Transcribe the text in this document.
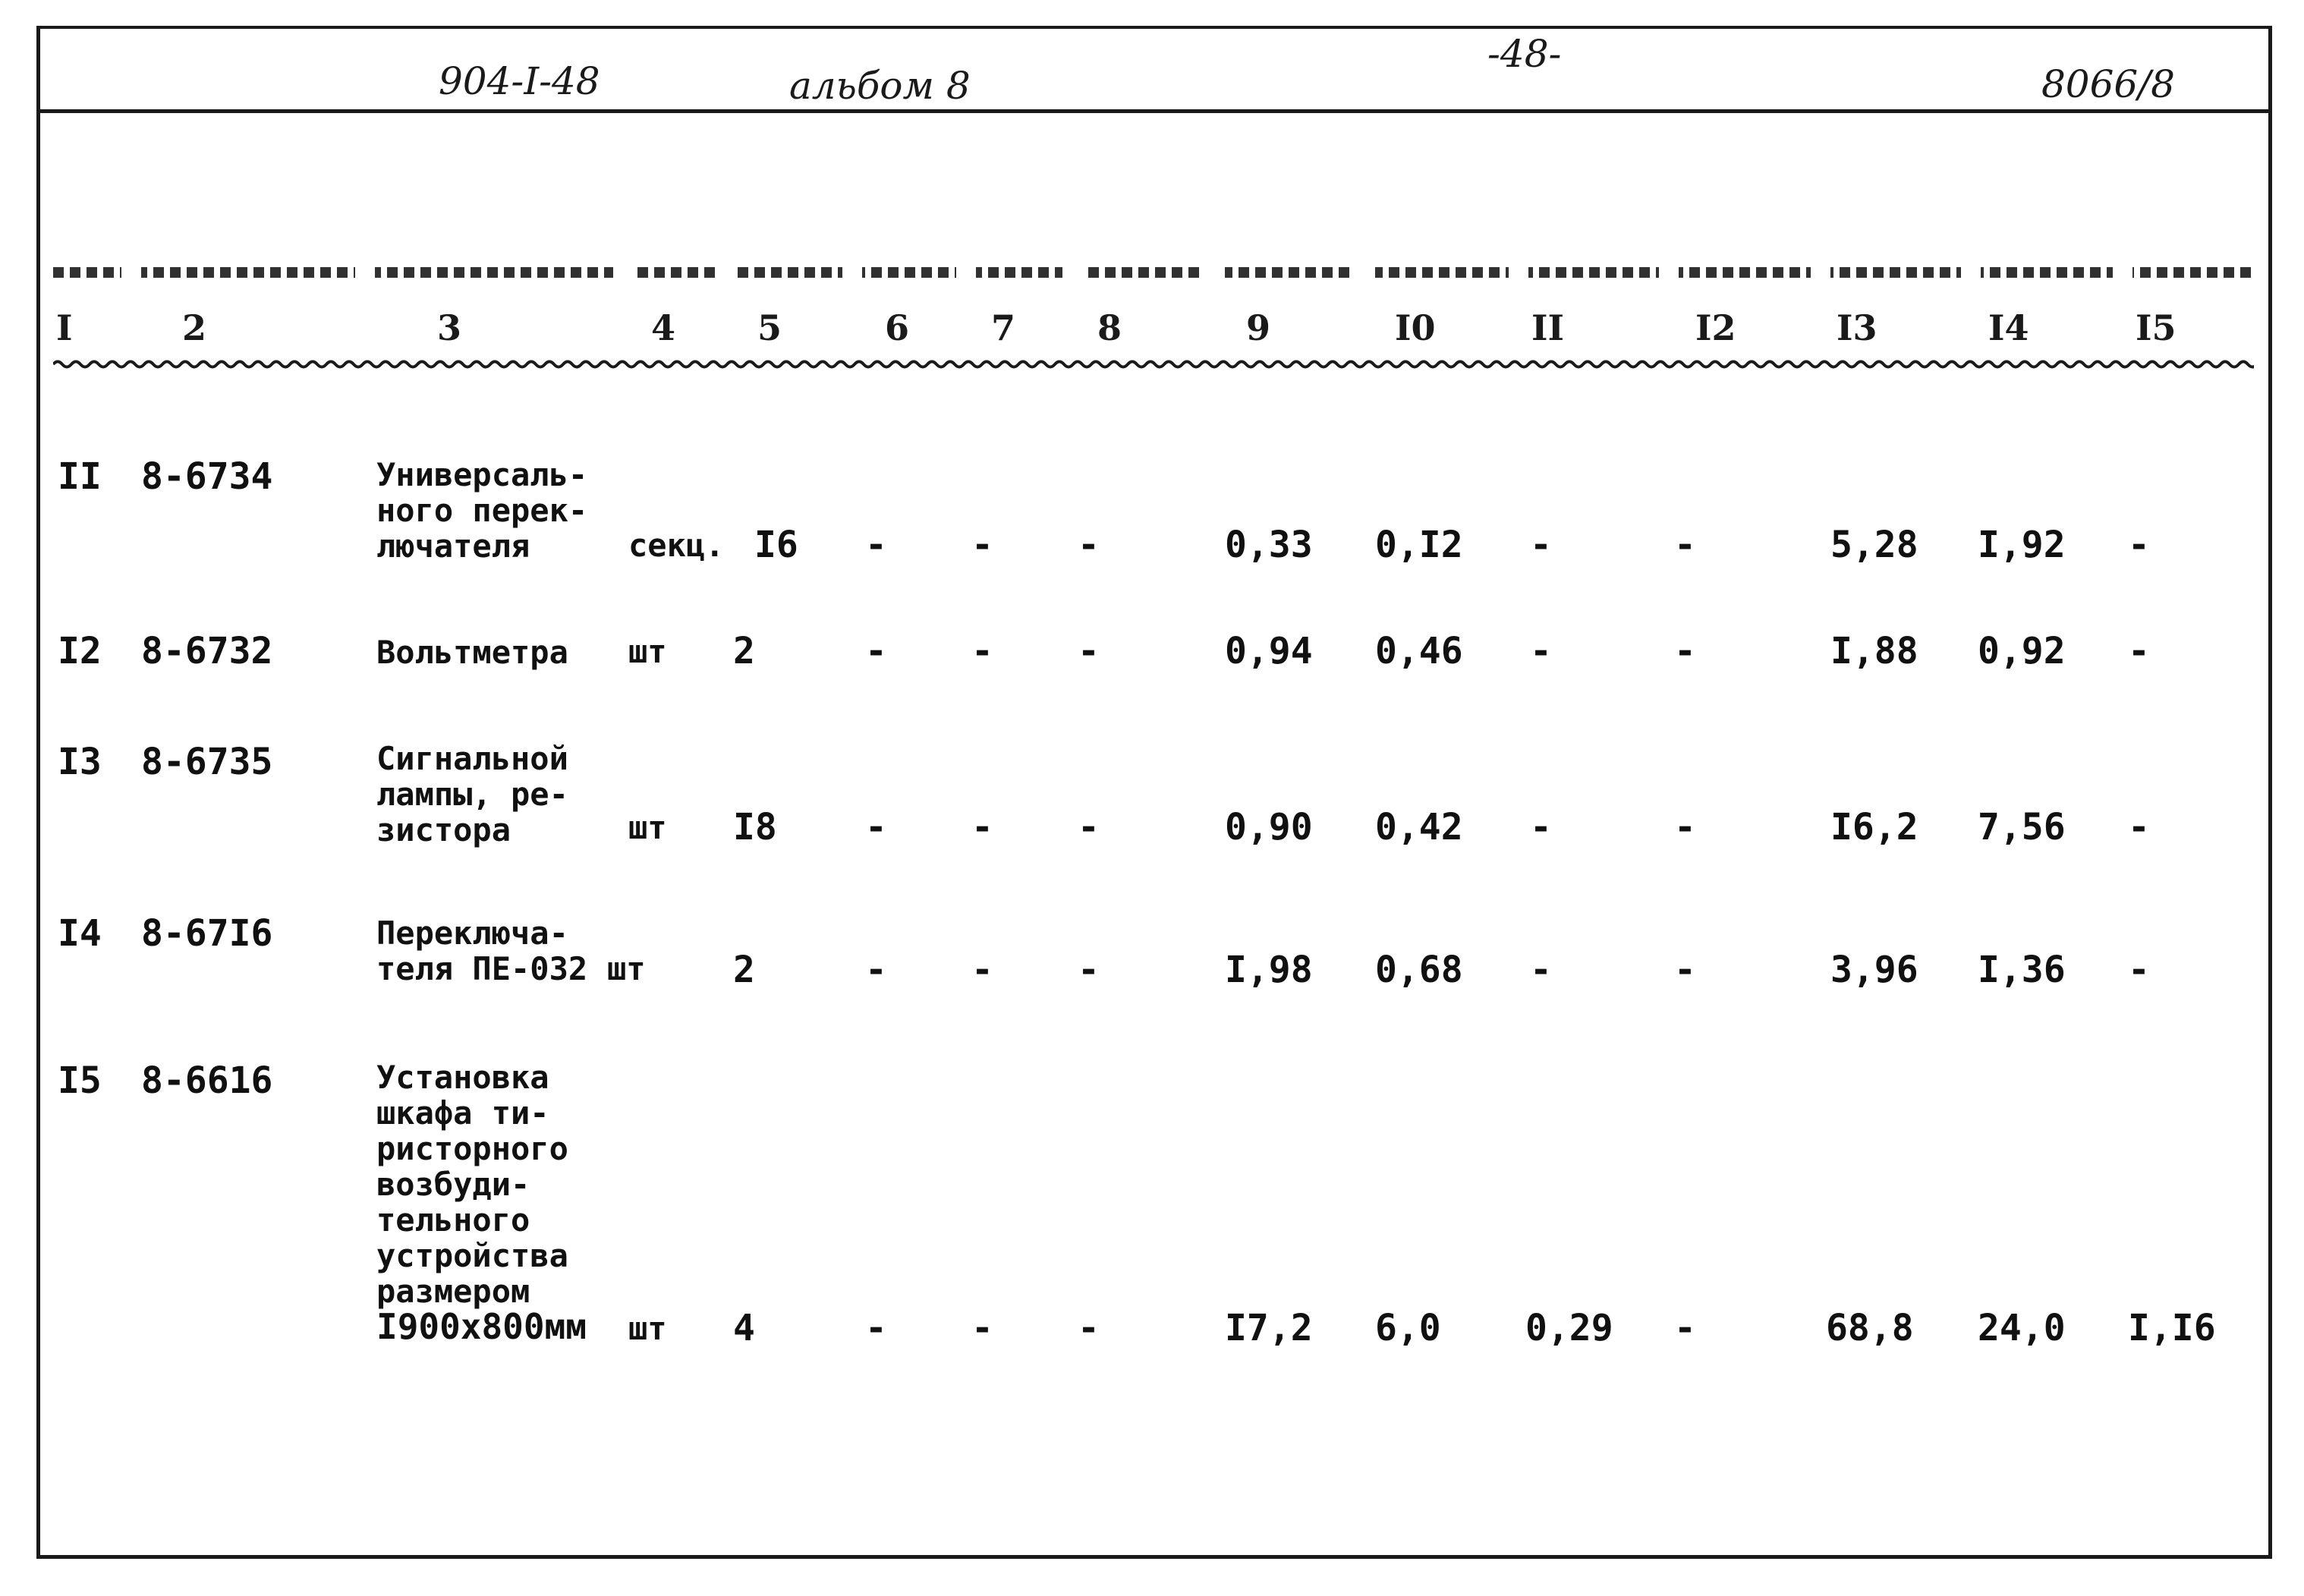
904-I-48	альбом 8
-48-
8066/8
I	2	3	4 5	6 7 8	9	I0	II	I2	I3	I4	I5
II 8-6734	Универсаль-
ного перек-
лючателя	секц. I6 - - -	0,33 0,I2 -	-	5,28 I,92 -
I2 8-6732	Вольтметра шт 2	- - -	0,94 0,46 -	-	I,88 0,92 -
I3 8-6735	Сигнальной
лампы, ре-
зистора	шт I8 - - -	0,90 0,42 -	-	I6,2 7,56 -
I4 8-67I6	Переключа-
теля ПЕ-032 шт 2	- - -	I,98 0,68 -	-	3,96 I,36 -
I5 8-6616	Установка
шкафа ти-
ристорного
возбуди-
тельного
устройства
размером
I900x800мм шт 4	- - -	I7,2 6,0 0,29 -	68,8 24,0 I,I6
